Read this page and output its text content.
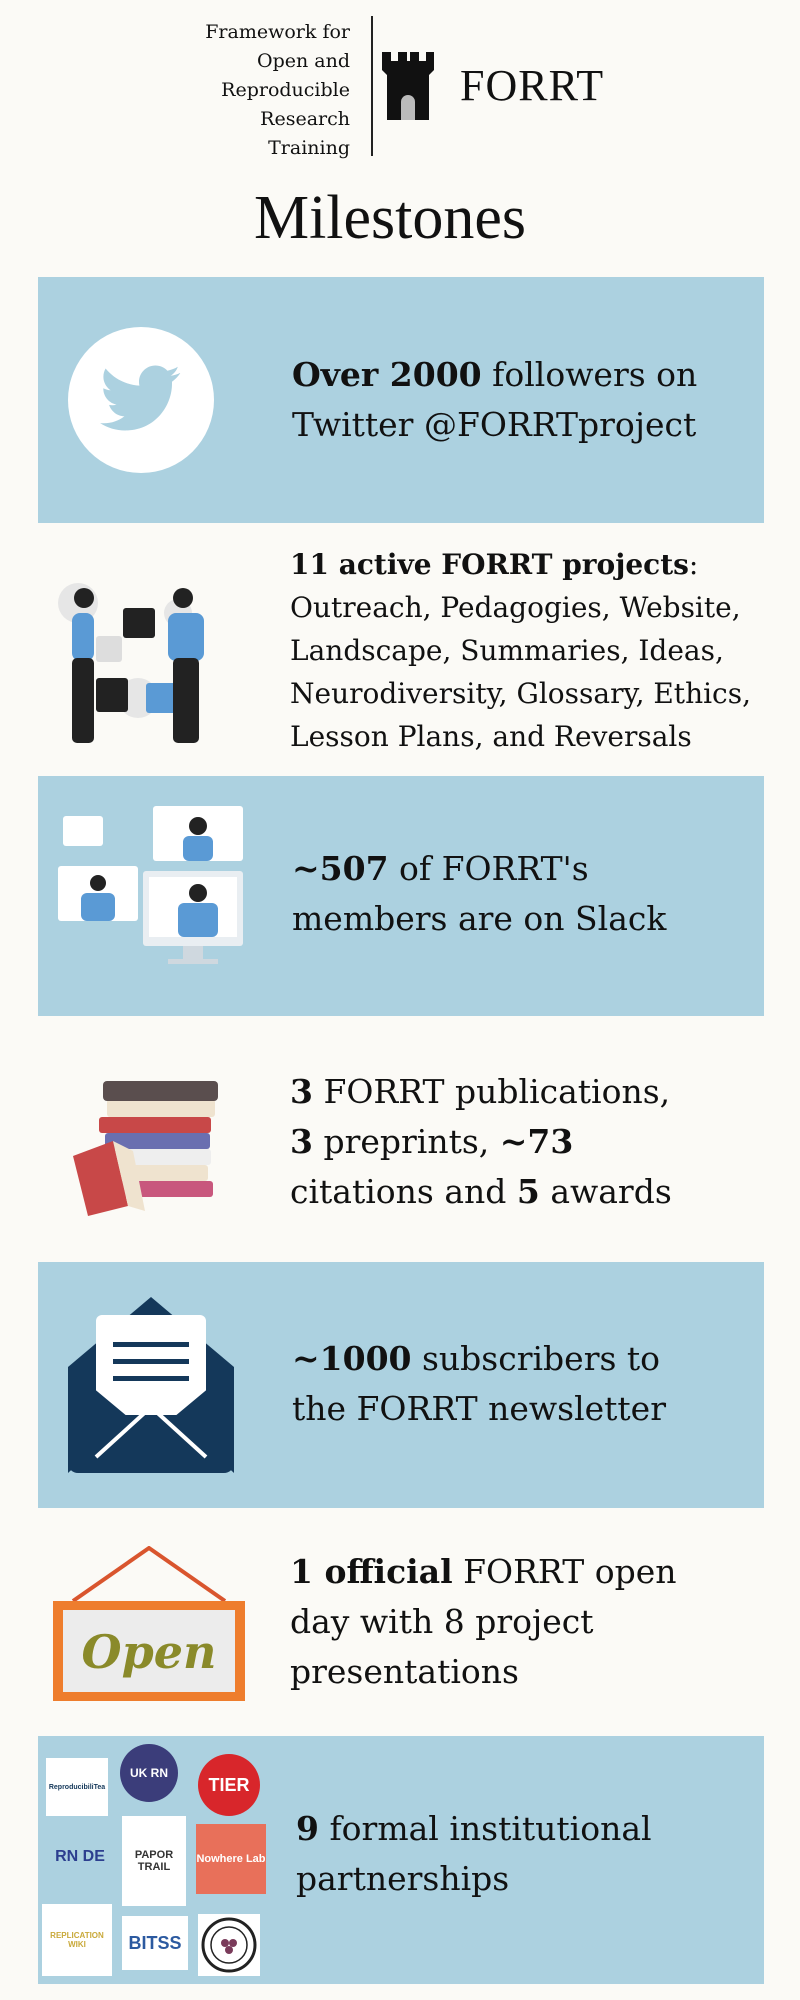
Framework for
Open and
Reproducible
Research
Training
FORRT
Milestones
Over 2000 followers on
Twitter @FORRTproject
11 active FORRT projects:
Outreach, Pedagogies, Website,
Landscape, Summaries, Ideas,
Neurodiversity, Glossary, Ethics,
Lesson Plans, and Reversals
~507 of FORRT's
members are on Slack
3 FORRT publications,
3 preprints, ~73
citations and 5 awards
~1000 subscribers to
the FORRT newsletter
Open
1 official FORRT open
day with 8 project
presentations
ReproducibiliTea
UK RN
TIER
RN DE	PAPOR TRAIL
Nowhere Lab
REPLICATION WIKI	BITSS
9 formal institutional
partnerships
